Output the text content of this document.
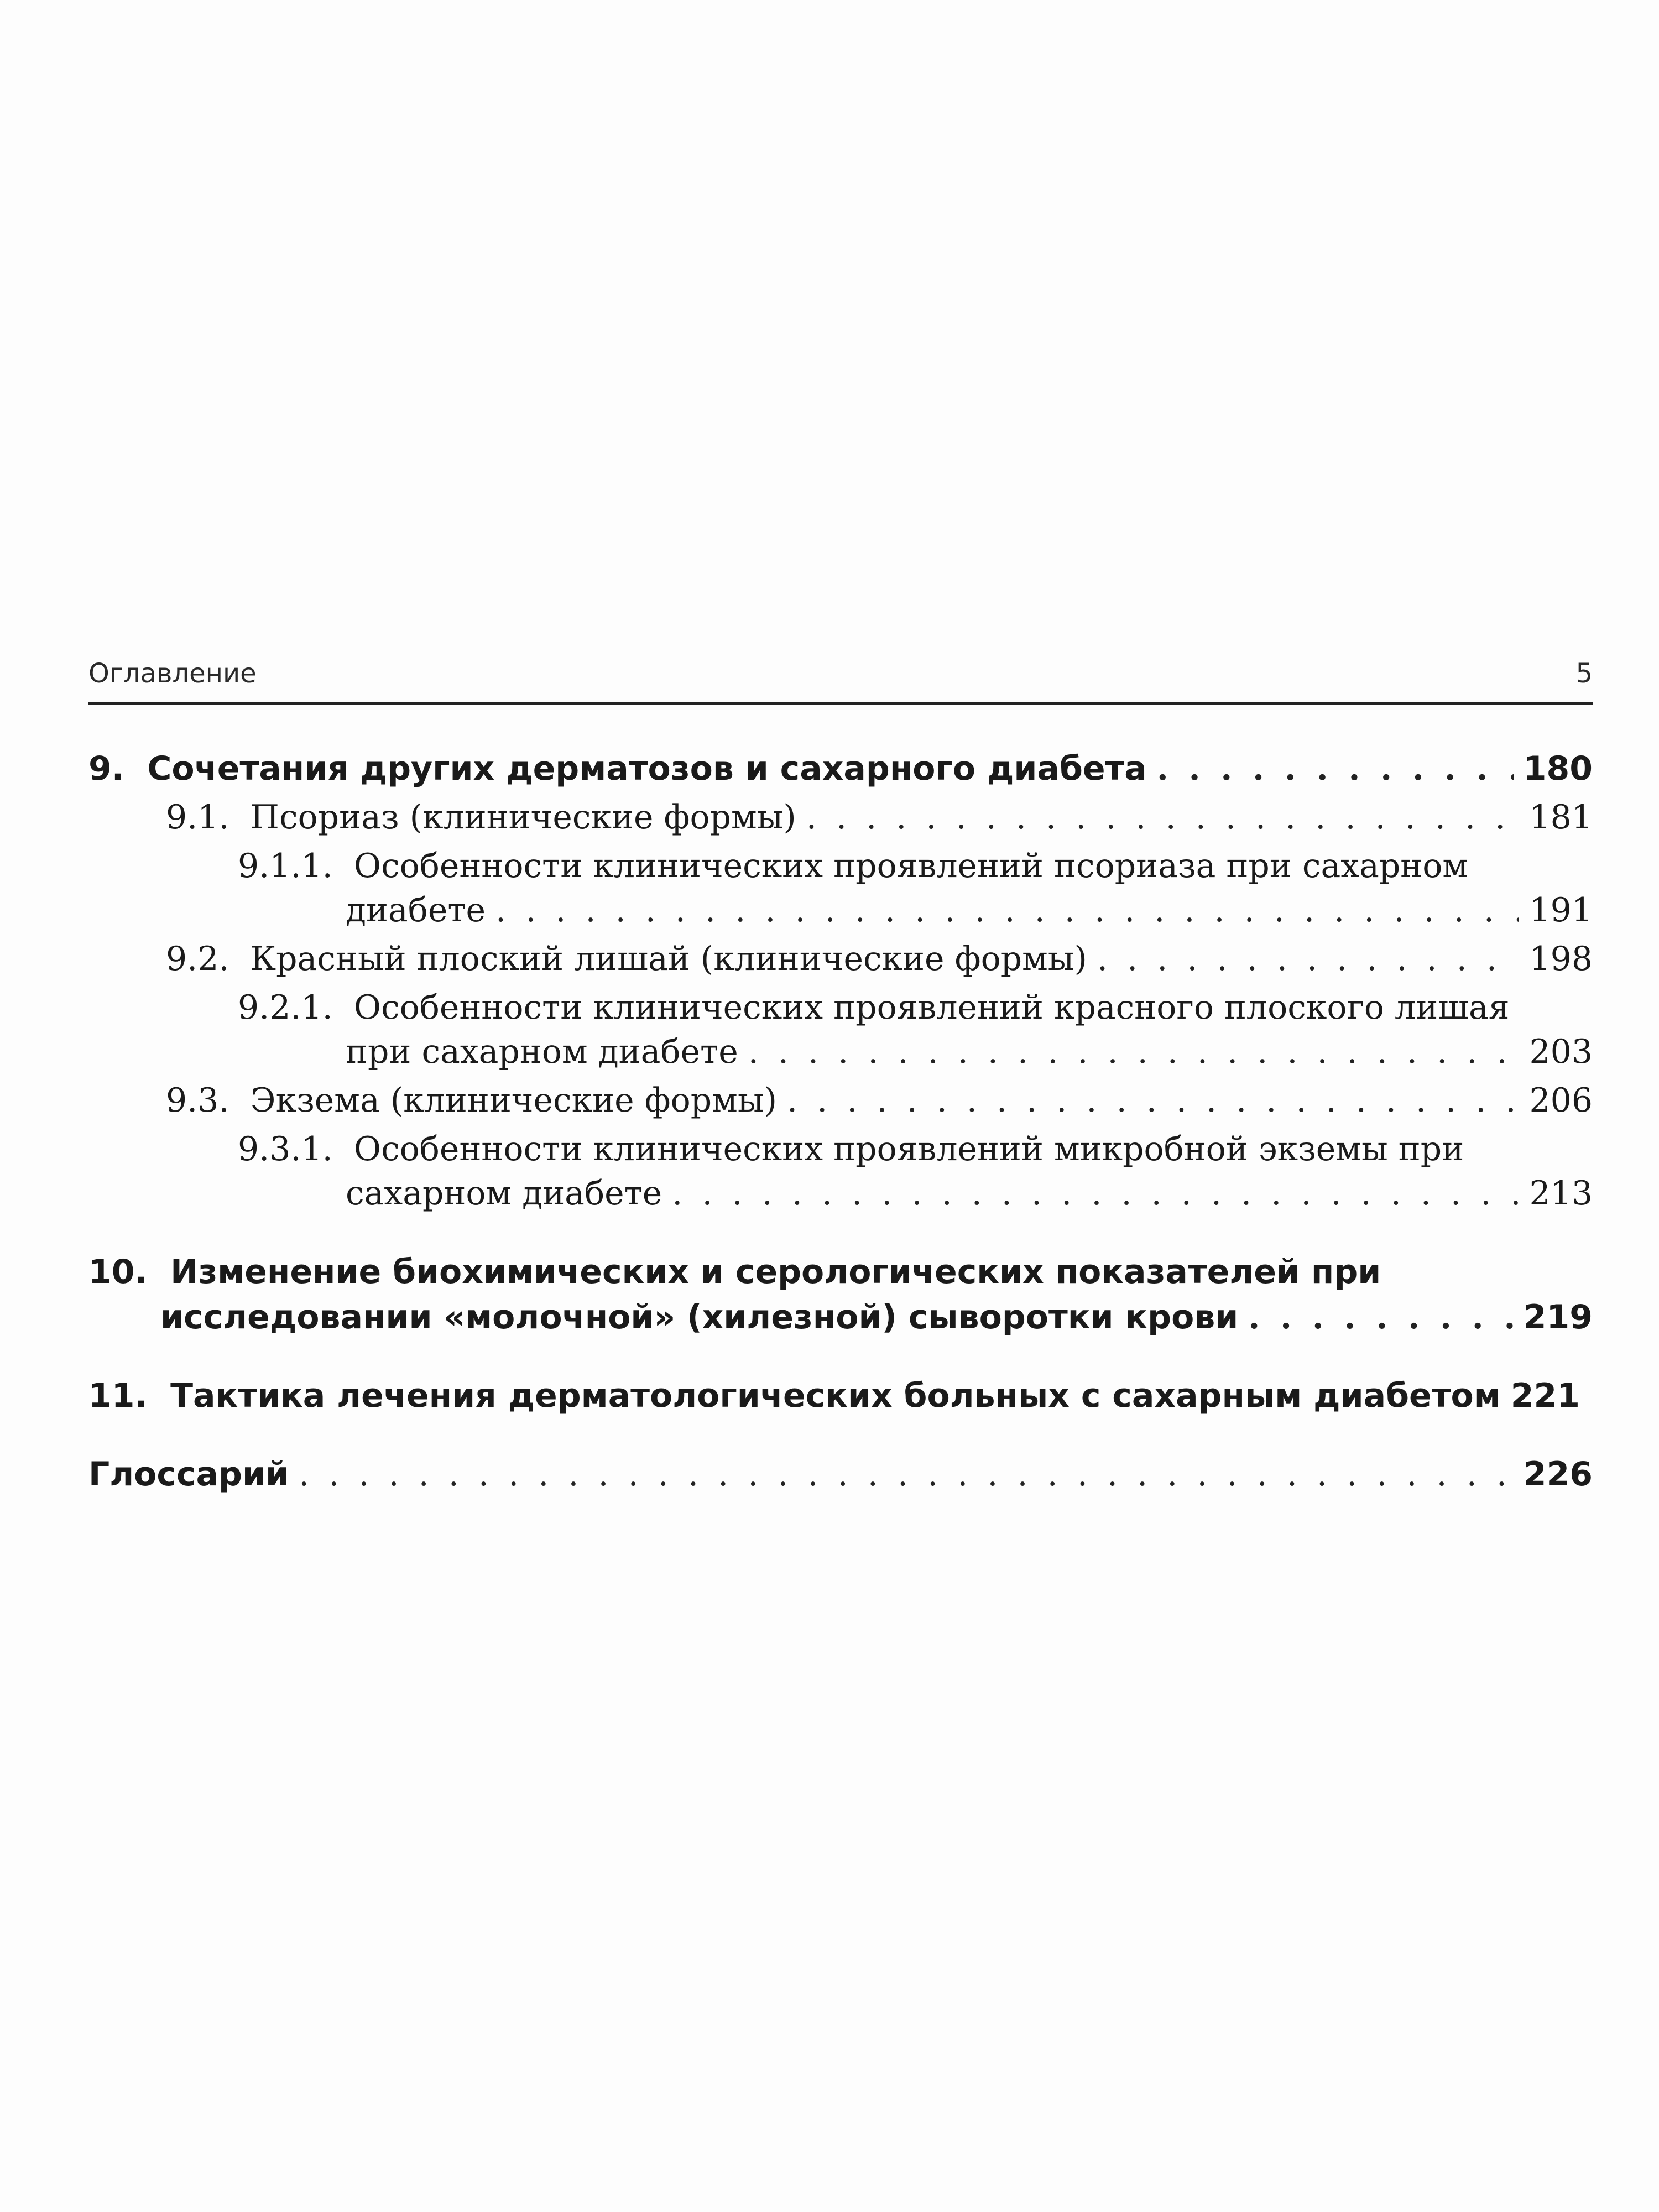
Оглавление	5
9.  Сочетания других дерматозов и сахарного диабета . . .	180
9.1.  Псориаз (клинические формы) . . .	181
9.1.1.  Особенности клинических проявлений псориаза при сахарном
диабете . . .	191
9.2.  Красный плоский лишай (клинические формы) . . .	198
9.2.1.  Особенности клинических проявлений красного плоского лишая
при сахарном диабете . . .	203
9.3.  Экзема (клинические формы) . . .	206
9.3.1.  Особенности клинических проявлений микробной экземы при
сахарном диабете . . .	213
10.  Изменение биохимических и серологических показателей при
исследовании «молочной» (хилезной) сыворотки крови . . .	219
11.  Тактика лечения дерматологических больных с сахарным диабетом 221
Глоссарий . . .	226
